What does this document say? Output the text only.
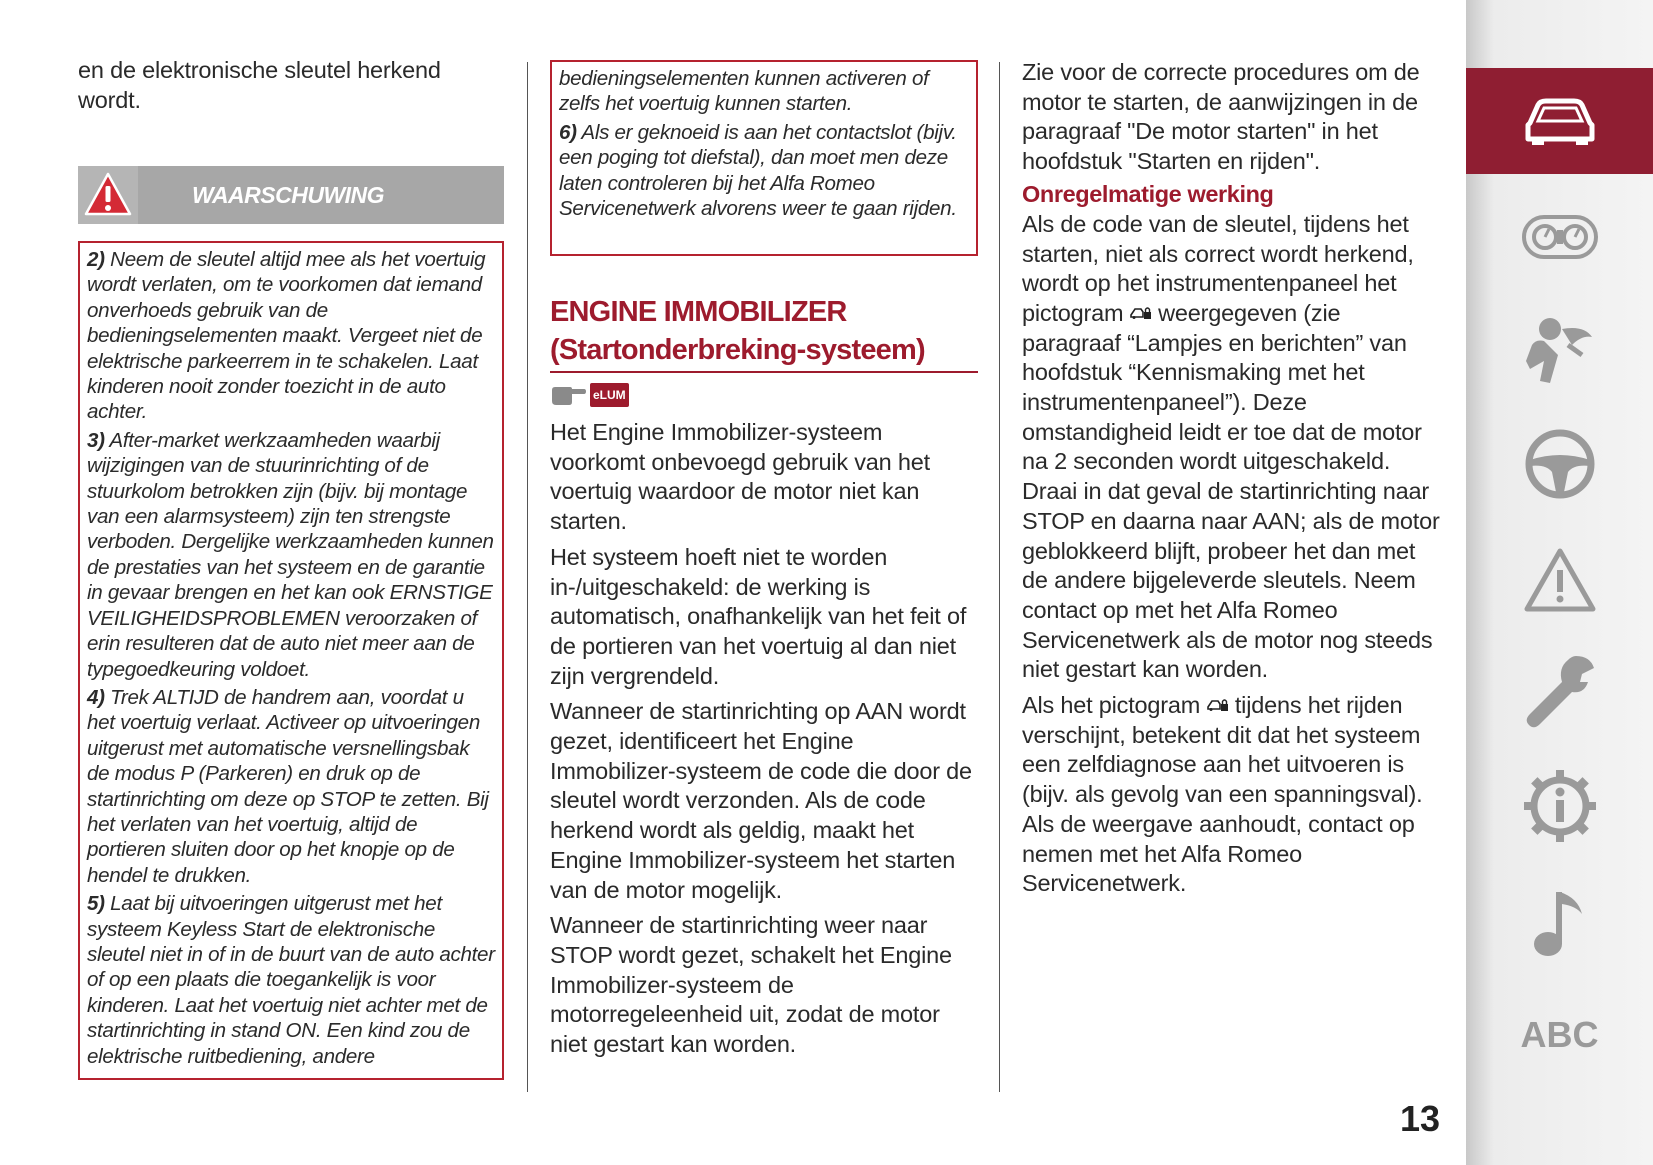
en de elektronische sleutel herkend wordt.

WAARSCHUWING

2) Neem de sleutel altijd mee als het voertuig wordt verlaten, om te voorkomen dat iemand onverhoeds gebruik van de bedieningselementen maakt. Vergeet niet de elektrische parkeerrem in te schakelen. Laat kinderen nooit zonder toezicht in de auto achter.

3) After-market werkzaamheden waarbij wijzigingen van de stuurinrichting of de stuurkolom betrokken zijn (bijv. bij montage van een alarmsysteem) zijn ten strengste verboden. Dergelijke werkzaamheden kunnen de prestaties van het systeem en de garantie in gevaar brengen en het kan ook ERNSTIGE VEILIGHEIDSPROBLEMEN veroorzaken of erin resulteren dat de auto niet meer aan de typegoedkeuring voldoet.

4) Trek ALTIJD de handrem aan, voordat u het voertuig verlaat. Activeer op uitvoeringen uitgerust met automatische versnellingsbak de modus P (Parkeren) en druk op de startinrichting om deze op STOP te zetten. Bij het verlaten van het voertuig, altijd de portieren sluiten door op het knopje op de hendel te drukken.

5) Laat bij uitvoeringen uitgerust met het systeem Keyless Start de elektronische sleutel niet in of in de buurt van de auto achter of op een plaats die toegankelijk is voor kinderen. Laat het voertuig niet achter met de startinrichting in stand ON. Een kind zou de elektrische ruitbediening, andere

bedieningselementen kunnen activeren of zelfs het voertuig kunnen starten.

6) Als er geknoeid is aan het contactslot (bijv. een poging tot diefstal), dan moet men deze laten controleren bij het Alfa Romeo Servicenetwerk alvorens weer te gaan rijden.

ENGINE IMMOBILIZER
(Startonderbreking-systeem)
eLUM

Het Engine Immobilizer-systeem voorkomt onbevoegd gebruik van het voertuig waardoor de motor niet kan starten.

Het systeem hoeft niet te worden in-/uitgeschakeld: de werking is automatisch, onafhankelijk van het feit of de portieren van het voertuig al dan niet zijn vergrendeld.

Wanneer de startinrichting op AAN wordt gezet, identificeert het Engine Immobilizer-systeem de code die door de sleutel wordt verzonden. Als de code herkend wordt als geldig, maakt het Engine Immobilizer-systeem het starten van de motor mogelijk.

Wanneer de startinrichting weer naar STOP wordt gezet, schakelt het Engine Immobilizer-systeem de motorregeleenheid uit, zodat de motor niet gestart kan worden.

Zie voor de correcte procedures om de motor te starten, de aanwijzingen in de paragraaf "De motor starten" in het hoofdstuk "Starten en rijden".

Onregelmatige werking

Als de code van de sleutel, tijdens het starten, niet als correct wordt herkend, wordt op het instrumentenpaneel het pictogram weergegeven (zie paragraaf “Lampjes en berichten” van hoofdstuk “Kennismaking met het instrumentenpaneel”). Deze omstandigheid leidt er toe dat de motor na 2 seconden wordt uitgeschakeld. Draai in dat geval de startinrichting naar STOP en daarna naar AAN; als de motor geblokkeerd blijft, probeer het dan met de andere bijgeleverde sleutels. Neem contact op met het Alfa Romeo Servicenetwerk als de motor nog steeds niet gestart kan worden.

Als het pictogram tijdens het rijden verschijnt, betekent dit dat het systeem een zelfdiagnose aan het uitvoeren is (bijv. als gevolg van een spanningsval). Als de weergave aanhoudt, contact op nemen met het Alfa Romeo Servicenetwerk.

13
ABC
